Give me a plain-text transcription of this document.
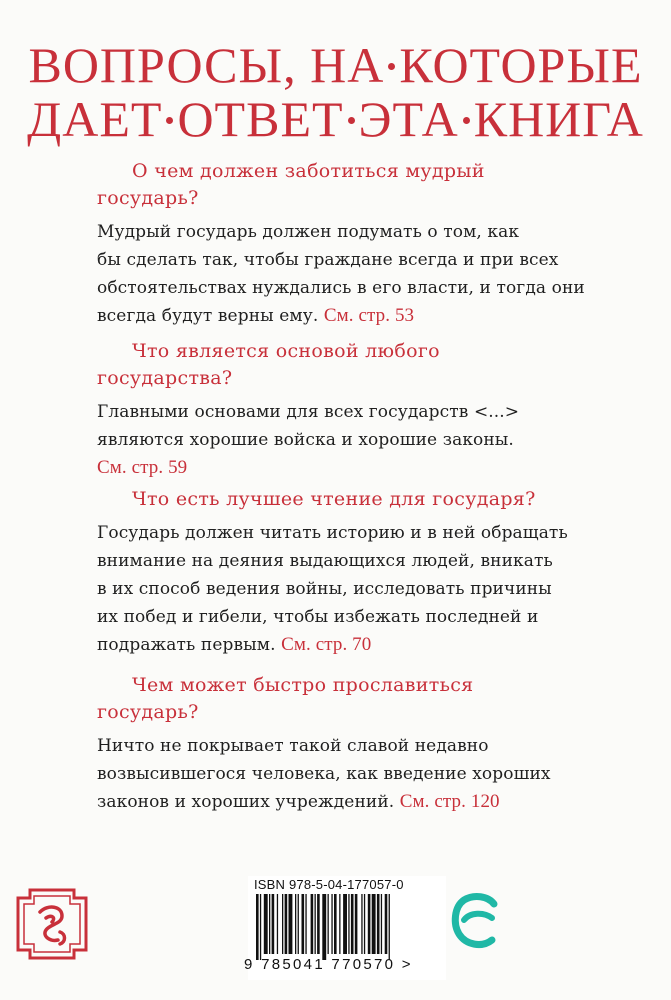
ВОПРОСЫ, НА КОТОРЫЕ
ДАЕТ ОТВЕТ ЭТА КНИГА

О чем должен заботиться мудрый
государь?

Мудрый государь должен подумать о том, как
бы сделать так, чтобы граждане всегда и при всех
обстоятельствах нуждались в его власти, и тогда они
всегда будут верны ему. См. стр. 53

Что является основой любого
государства?

Главными основами для всех государств <...>
являются хорошие войска и хорошие законы.
См. стр. 59

Что есть лучшее чтение для государя?

Государь должен читать историю и в ней обращать
внимание на деяния выдающихся людей, вникать
в их способ ведения войны, исследовать причины
их побед и гибели, чтобы избежать последней и
подражать первым. См. стр. 70

Чем может быстро прославиться
государь?

Ничто не покрывает такой славой недавно
возвысившегося человека, как введение хороших
законов и хороших учреждений. См. стр. 120

ISBN 978-5-04-177057-0
9 785041 770570 >
